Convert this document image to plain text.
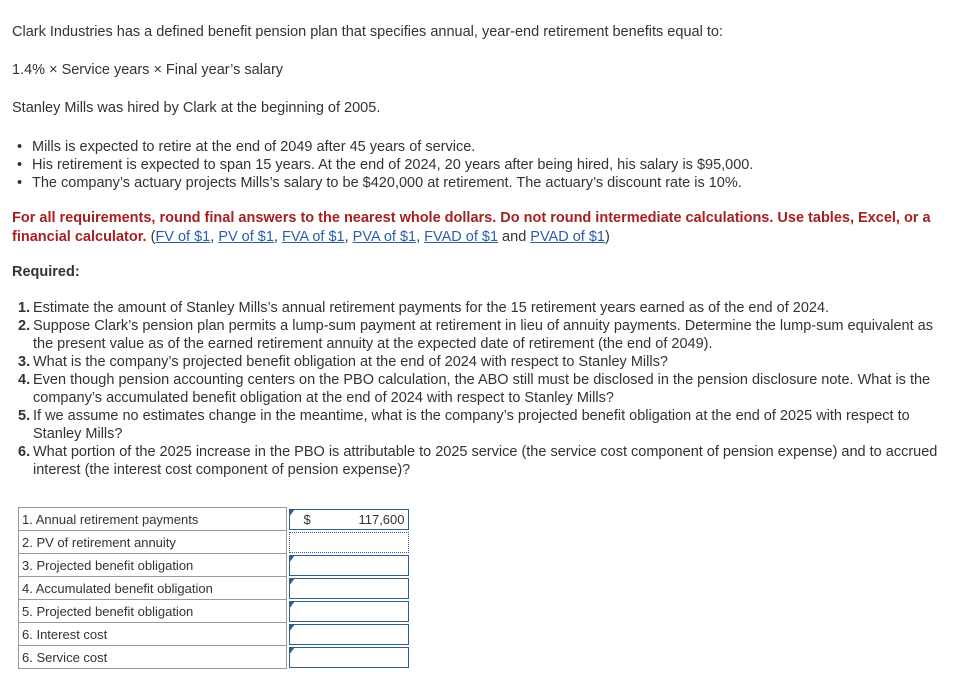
Clark Industries has a defined benefit pension plan that specifies annual, year-end retirement benefits equal to:
1.4% × Service years × Final year’s salary
Stanley Mills was hired by Clark at the beginning of 2005.
• Mills is expected to retire at the end of 2049 after 45 years of service.
• His retirement is expected to span 15 years. At the end of 2024, 20 years after being hired, his salary is $95,000.
• The company’s actuary projects Mills’s salary to be $420,000 at retirement. The actuary’s discount rate is 10%.
For all requirements, round final answers to the nearest whole dollars. Do not round intermediate calculations. Use tables, Excel, or a financial calculator. (FV of $1, PV of $1, FVA of $1, PVA of $1, FVAD of $1 and PVAD of $1)
Required:
1. Estimate the amount of Stanley Mills’s annual retirement payments for the 15 retirement years earned as of the end of 2024.
2. Suppose Clark’s pension plan permits a lump-sum payment at retirement in lieu of annuity payments. Determine the lump-sum equivalent as the present value as of the earned retirement annuity at the expected date of retirement (the end of 2049).
3. What is the company’s projected benefit obligation at the end of 2024 with respect to Stanley Mills?
4. Even though pension accounting centers on the PBO calculation, the ABO still must be disclosed in the pension disclosure note. What is the company’s accumulated benefit obligation at the end of 2024 with respect to Stanley Mills?
5. If we assume no estimates change in the meantime, what is the company’s projected benefit obligation at the end of 2025 with respect to Stanley Mills?
6. What portion of the 2025 increase in the PBO is attributable to 2025 service (the service cost component of pension expense) and to accrued interest (the interest cost component of pension expense)?
1. Annual retirement payments		$ 117,600

2. PV of retirement annuity		

3. Projected benefit obligation		

4. Accumulated benefit obligation		

5. Projected benefit obligation		

6. Interest cost		

6. Service cost		
